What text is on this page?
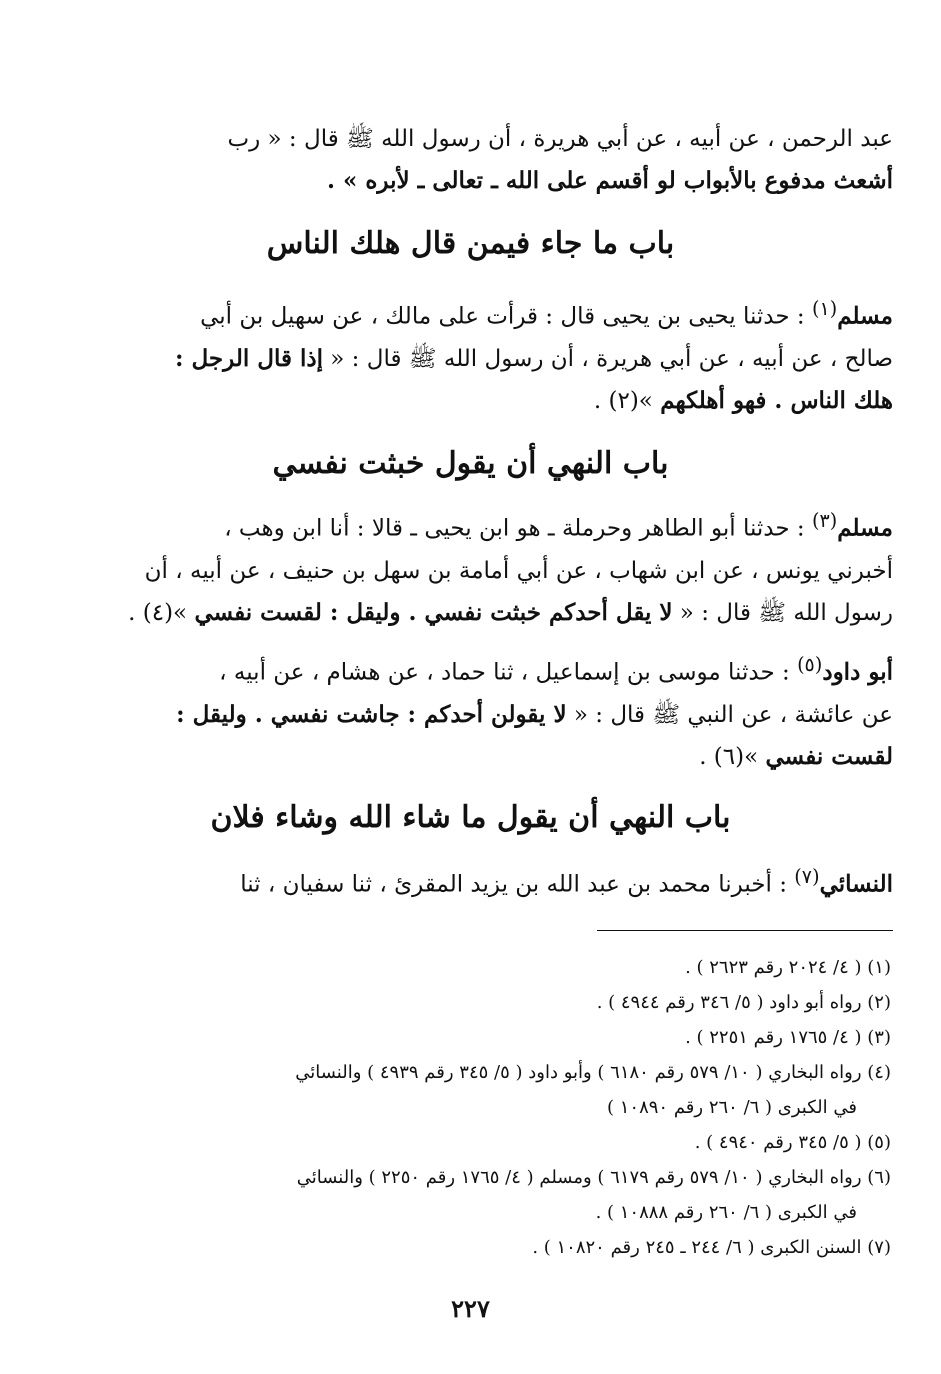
عبد الرحمن ، عن أبيه ، عن أبي هريرة ، أن رسول الله ﷺ قال : « رب
أشعث مدفوع بالأبواب لو أقسم على الله ـ تعالى ـ لأبره » .
باب ما جاء فيمن قال هلك الناس
مسلم$^{(١)}$ : حدثنا يحيى بن يحيى قال : قرأت على مالك ، عن سهيل بن أبي
صالح ، عن أبيه ، عن أبي هريرة ، أن رسول الله ﷺ قال : « إذا قال الرجل :
هلك الناس . فهو أهلكهم »(٢) .
باب النهي أن يقول خبثت نفسي
مسلم$^{(٣)}$ : حدثنا أبو الطاهر وحرملة ـ هو ابن يحيى ـ قالا : أنا ابن وهب ،
أخبرني يونس ، عن ابن شهاب ، عن أبي أمامة بن سهل بن حنيف ، عن أبيه ، أن
رسول الله ﷺ قال : « لا يقل أحدكم خبثت نفسي . وليقل : لقست نفسي »(٤) .
أبو داود$^{(٥)}$ : حدثنا موسى بن إسماعيل ، ثنا حماد ، عن هشام ، عن أبيه ،
عن عائشة ، عن النبي ﷺ قال : « لا يقولن أحدكم : جاشت نفسي . وليقل :
لقست نفسي »(٦) .
باب النهي أن يقول ما شاء الله وشاء فلان
النسائي$^{(٧)}$ : أخبرنا محمد بن عبد الله بن يزيد المقرئ ، ثنا سفيان ، ثنا
(١) ( ٤/ ٢٠٢٤ رقم ٢٦٢٣ ) .
(٢) رواه أبو داود ( ٥/ ٣٤٦ رقم ٤٩٤٤ ) .
(٣) ( ٤/ ١٧٦٥ رقم ٢٢٥١ ) .
(٤) رواه البخاري ( ١٠/ ٥٧٩ رقم ٦١٨٠ ) وأبو داود ( ٥/ ٣٤٥ رقم ٤٩٣٩ ) والنسائي
في الكبرى ( ٦/ ٢٦٠ رقم ١٠٨٩٠ )
(٥) ( ٥/ ٣٤٥ رقم ٤٩٤٠ ) .
(٦) رواه البخاري ( ١٠/ ٥٧٩ رقم ٦١٧٩ ) ومسلم ( ٤/ ١٧٦٥ رقم ٢٢٥٠ ) والنسائي
في الكبرى ( ٦/ ٢٦٠ رقم ١٠٨٨٨ ) .
(٧) السنن الكبرى ( ٦/ ٢٤٤ ـ ٢٤٥ رقم ١٠٨٢٠ ) .
٢٢٧
